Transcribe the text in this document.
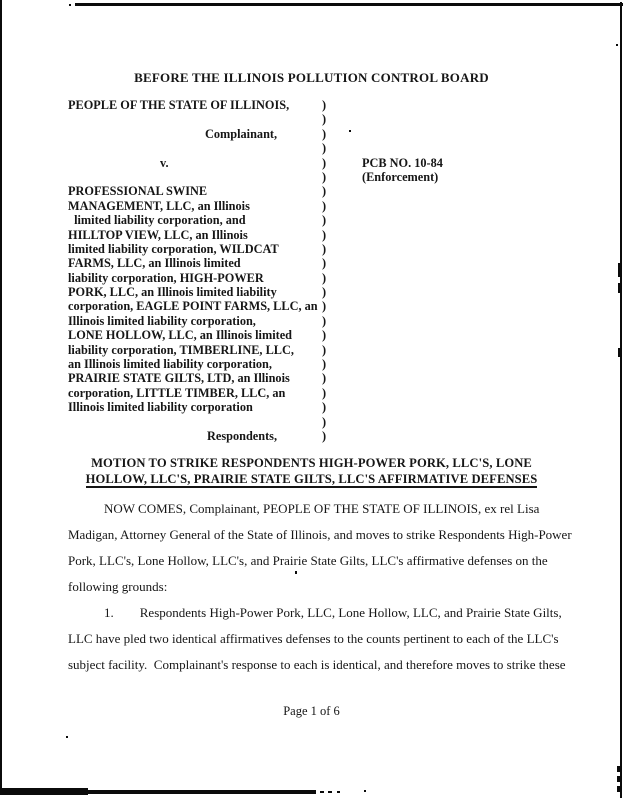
BEFORE THE ILLINOIS POLLUTION CONTROL BOARD
PEOPLE OF THE STATE OF ILLINOIS,	)
)
Complainant,	)
)
v.	)	PCB NO. 10-84
)	(Enforcement)
PROFESSIONAL SWINE	)
MANAGEMENT, LLC, an Illinois	)
limited liability corporation, and	)
HILLTOP VIEW, LLC, an Illinois	)
limited liability corporation, WILDCAT	)
FARMS, LLC, an Illinois limited	)
liability corporation, HIGH-POWER	)
PORK, LLC, an Illinois limited liability	)
corporation, EAGLE POINT FARMS, LLC, an )
Illinois limited liability corporation,	)
LONE HOLLOW, LLC, an Illinois limited )
liability corporation, TIMBERLINE, LLC, )
an Illinois limited liability corporation,	)
PRAIRIE STATE GILTS, LTD, an Illinois	)
corporation, LITTLE TIMBER, LLC, an	)
Illinois limited liability corporation	)
)
Respondents,	)
MOTION TO STRIKE RESPONDENTS HIGH-POWER PORK, LLC'S, LONE
HOLLOW, LLC'S, PRAIRIE STATE GILTS, LLC'S AFFIRMATIVE DEFENSES
NOW COMES, Complainant, PEOPLE OF THE STATE OF ILLINOIS, ex rel Lisa
Madigan, Attorney General of the State of Illinois, and moves to strike Respondents High-Power
Pork, LLC's, Lone Hollow, LLC's, and Prairie State Gilts, LLC's affirmative defenses on the
following grounds:
1.        Respondents High-Power Pork, LLC, Lone Hollow, LLC, and Prairie State Gilts,
LLC have pled two identical affirmatives defenses to the counts pertinent to each of the LLC's
subject facility.  Complainant's response to each is identical, and therefore moves to strike these
Page 1 of 6
